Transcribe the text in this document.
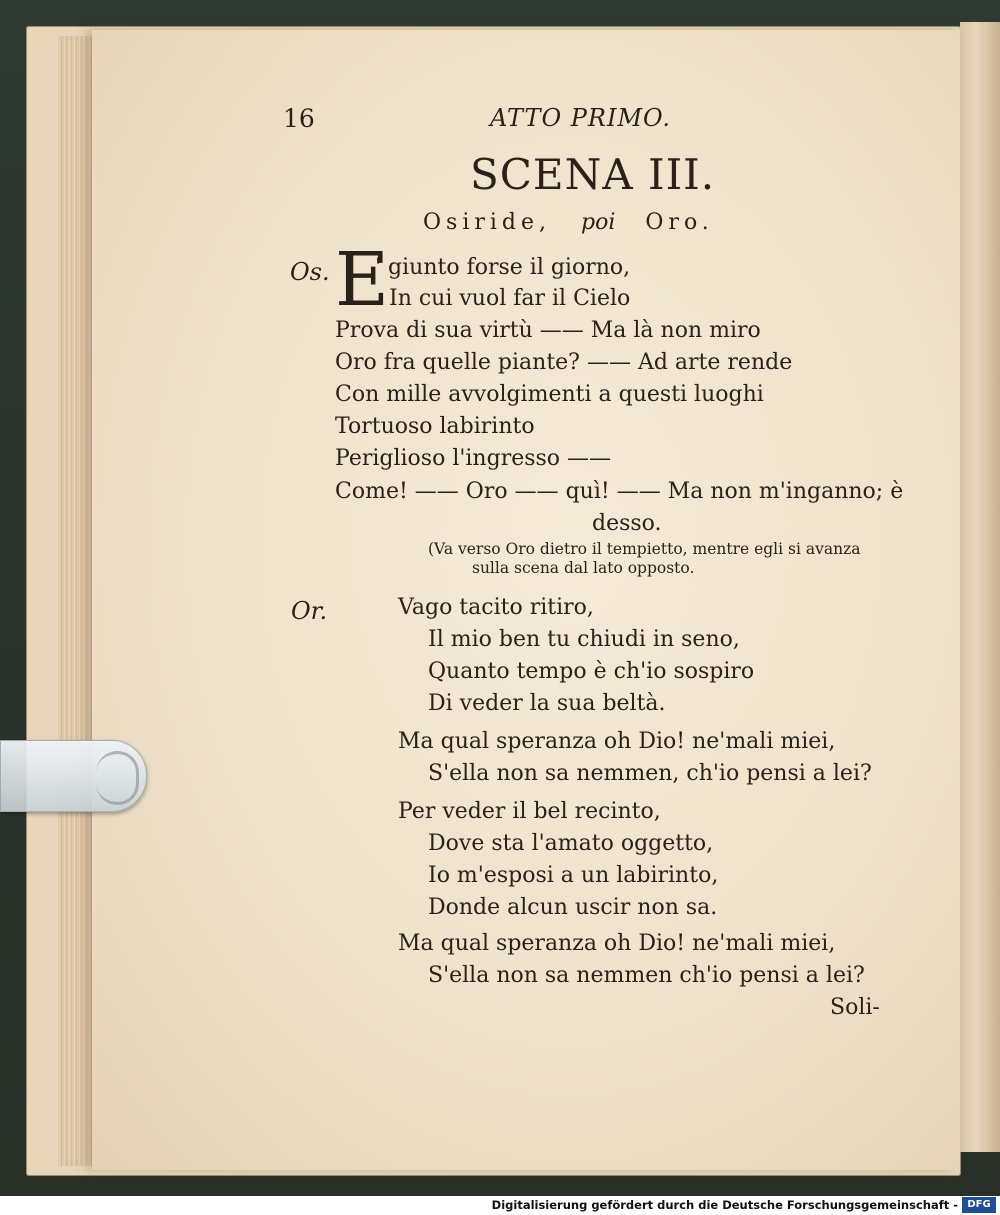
16	ATTO PRIMO.
SCENA III.
Osiride, poi Oro.
Os. E
' giunto forse il giorno,
In cui vuol far il Cielo
Prova di sua virtù —— Ma là non miro
Oro fra quelle piante? —— Ad arte rende
Con mille avvolgimenti a questi luoghi
Tortuoso labirinto
Periglioso l'ingresso ——
Come! —— Oro —— quì! —— Ma non m'inganno; è
desso.
(Va verso Oro dietro il tempietto, mentre egli si avanza
sulla scena dal lato opposto.
Or.	Vago tacito ritiro,
Il mio ben tu chiudi in seno,
Quanto tempo è ch'io sospiro
Di veder la sua beltà.
Ma qual speranza oh Dio! ne'mali miei,
S'ella non sa nemmen, ch'io pensi a lei?
Per veder il bel recinto,
Dove sta l'amato oggetto,
Io m'esposi a un labirinto,
Donde alcun uscir non sa.
Ma qual speranza oh Dio! ne'mali miei,
S'ella non sa nemmen ch'io pensi a lei?
Soli-
Digitalisierung gefördert durch die Deutsche Forschungsgemeinschaft - DFG
